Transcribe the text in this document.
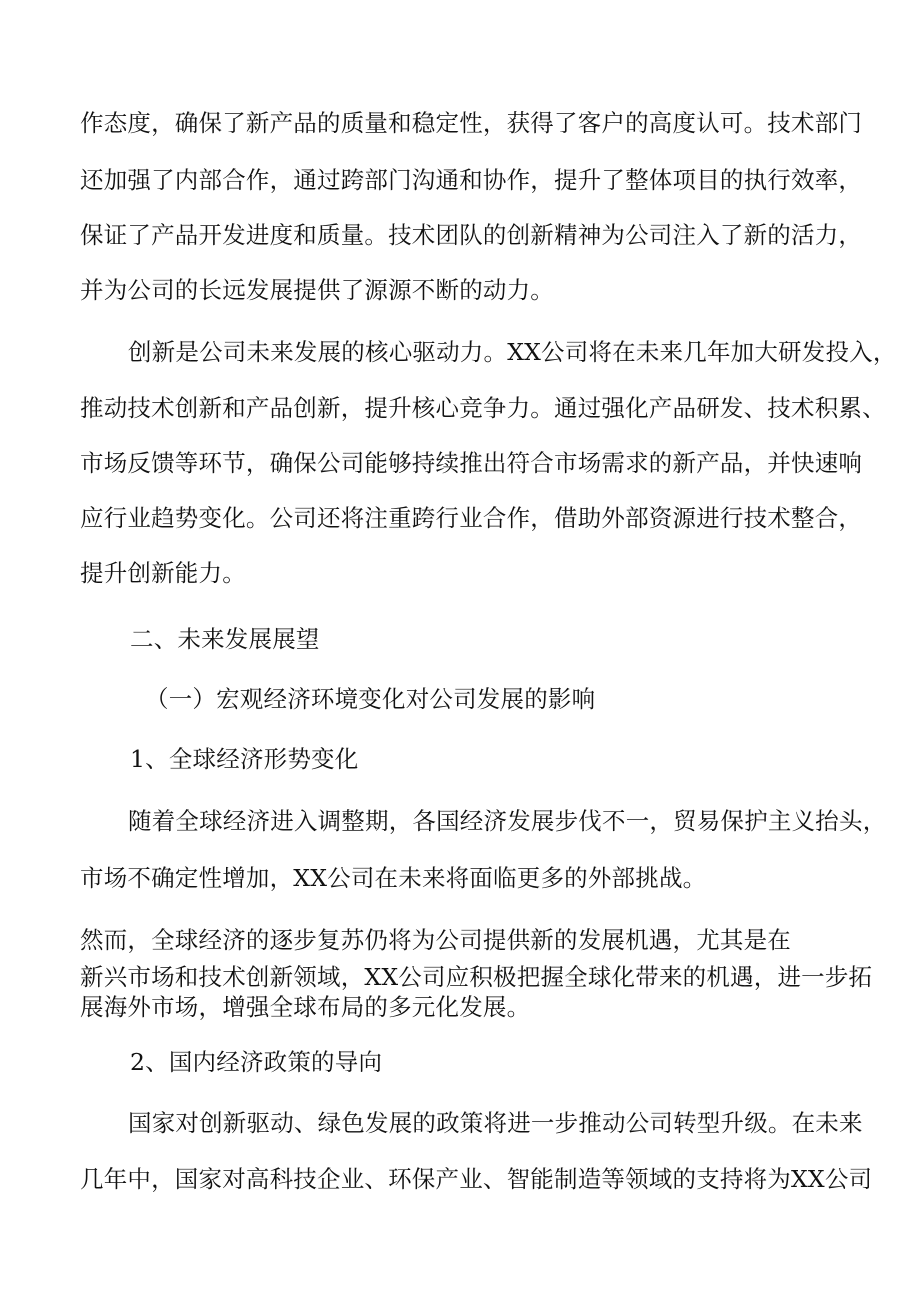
作态度，确保了新产品的质量和稳定性，获得了客户的高度认可。技术部门
还加强了内部合作，通过跨部门沟通和协作，提升了整体项目的执行效率，
保证了产品开发进度和质量。技术团队的创新精神为公司注入了新的活力，
并为公司的长远发展提供了源源不断的动力。
创新是公司未来发展的核心驱动力。XX公司将在未来几年加大研发投入，
推动技术创新和产品创新，提升核心竞争力。通过强化产品研发、技术积累、
市场反馈等环节，确保公司能够持续推出符合市场需求的新产品，并快速响
应行业趋势变化。公司还将注重跨行业合作，借助外部资源进行技术整合，
提升创新能力。
二、未来发展展望
（一）宏观经济环境变化对公司发展的影响
1、全球经济形势变化
随着全球经济进入调整期，各国经济发展步伐不一，贸易保护主义抬头，
市场不确定性增加，XX公司在未来将面临更多的外部挑战。
然而，全球经济的逐步复苏仍将为公司提供新的发展机遇，尤其是在
新兴市场和技术创新领域，XX公司应积极把握全球化带来的机遇，进一步拓
展海外市场，增强全球布局的多元化发展。
2、国内经济政策的导向
国家对创新驱动、绿色发展的政策将进一步推动公司转型升级。在未来
几年中，国家对高科技企业、环保产业、智能制造等领域的支持将为XX公司
